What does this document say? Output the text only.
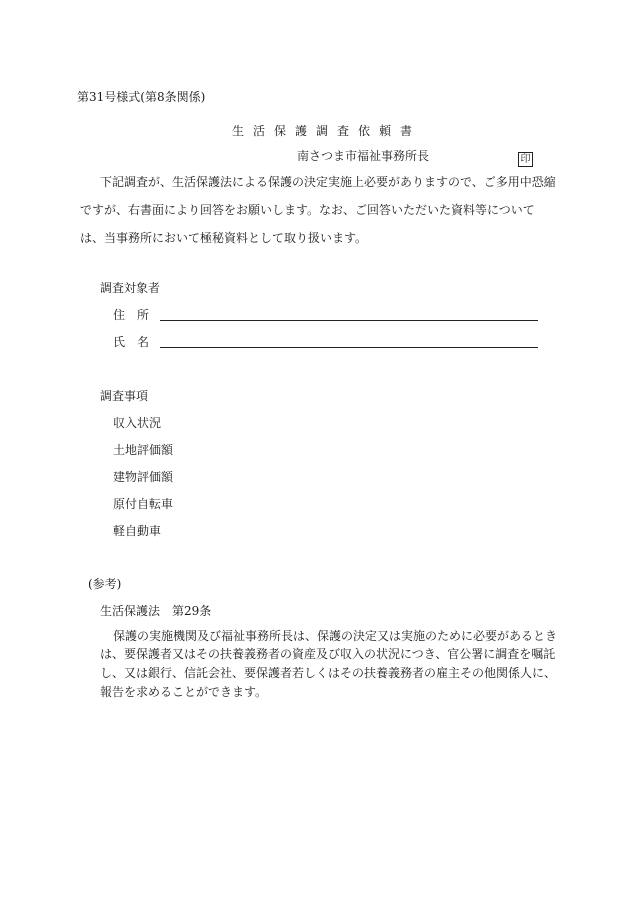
第31号様式(第8条関係)
生活保護調査依頼書
南さつま市福祉事務所長	印
下記調査が、生活保護法による保護の決定実施上必要がありますので、ご多用中恐縮
ですが、右書面により回答をお願いします。なお、ご回答いただいた資料等について
は、当事務所において極秘資料として取り扱います。
調査対象者
住　所
氏　名
調査事項
収入状況
土地評価額
建物評価額
原付自転車
軽自動車
(参考)
生活保護法　第29条
保護の実施機関及び福祉事務所長は、保護の決定又は実施のために必要があるとき
は、要保護者又はその扶養義務者の資産及び収入の状況につき、官公署に調査を嘱託
し、又は銀行、信託会社、要保護者若しくはその扶養義務者の雇主その他関係人に、
報告を求めることができます。
